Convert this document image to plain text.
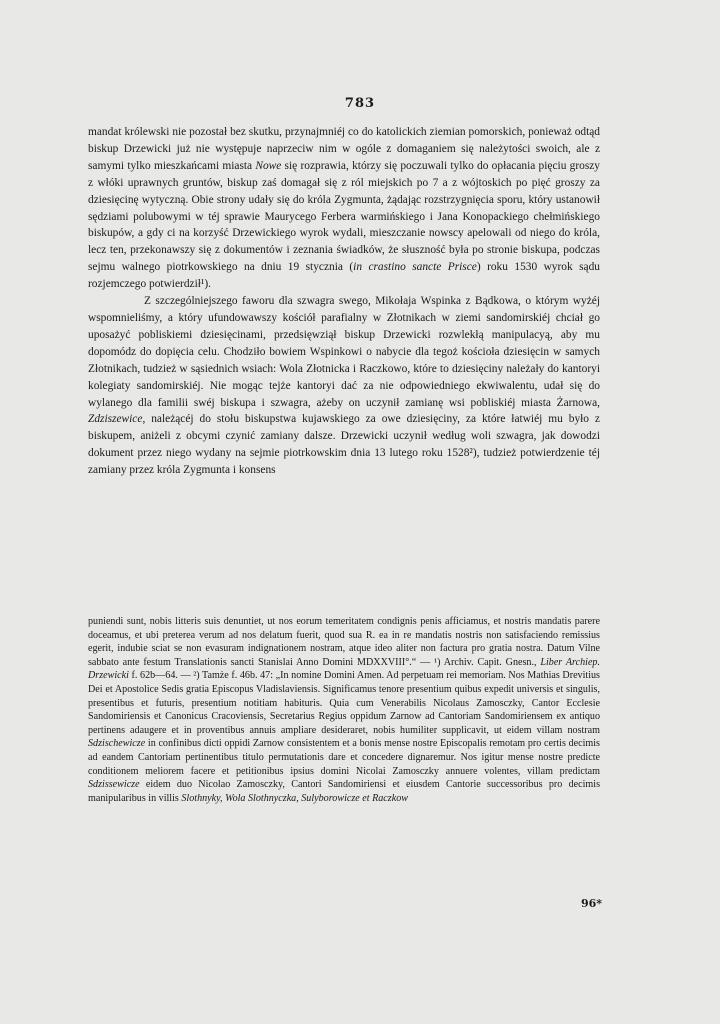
783

mandat królewski nie pozostał bez skutku, przynajmniéj co do katolickich ziemian pomorskich, ponieważ odtąd biskup Drzewicki już nie występuje naprzeciw nim w ogóle z domaganiem się należytości swoich, ale z samymi tylko mieszkańcami miasta Nowe się rozprawia, którzy się poczuwali tylko do opłacania pięciu groszy z włóki uprawnych gruntów, biskup zaś domagał się z ról miejskich po 7 a z wójtoskich po pięć groszy za dziesięcinę wytyczną. Obie strony udały się do króla Zygmunta, żądając rozstrzygnięcia sporu, który ustanowił sędziami polubowymi w téj sprawie Maurycego Ferbera warmińskiego i Jana Konopackiego chełmińskiego biskupów, a gdy ci na korzyść Drzewickiego wyrok wydali, mieszczanie nowscy apelowali od niego do króla, lecz ten, przekonawszy się z dokumentów i zeznania świadków, że słuszność była po stronie biskupa, podczas sejmu walnego piotrkowskiego na dniu 19 stycznia (in crastino sancte Prisce) roku 1530 wyrok sądu rozjemczego potwierdził¹).

Z szczególniejszego faworu dla szwagra swego, Mikołaja Wspinka z Bądkowa, o którym wyżéj wspomnieliśmy, a który ufundowawszy kościół parafialny w Złotnikach w ziemi sandomirskiéj chciał go uposażyć pobliskiemi dziesięcinami, przedsięwziął biskup Drzewicki rozwlekłą manipulacyą, aby mu dopomódz do dopięcia celu. Chodziło bowiem Wspinkowi o nabycie dla tegoż kościoła dziesięcin w samych Złotnikach, tudzież w sąsiednich wsiach: Wola Złotnicka i Raczkowo, które to dziesięciny należały do kantoryi kolegiaty sandomirskiéj. Nie mogąc tejże kantoryi dać za nie odpowiedniego ekwiwalentu, udał się do wylanego dla familii swéj biskupa i szwagra, ażeby on uczynił zamianę wsi pobliskiéj miasta Żarnowa, Zdziszewice, należącéj do stołu biskupstwa kujawskiego za owe dziesięciny, za które łatwiéj mu było z biskupem, aniżeli z obcymi czynić zamiany dalsze. Drzewicki uczynił według woli szwagra, jak dowodzi dokument przez niego wydany na sejmie piotrkowskim dnia 13 lutego roku 1528²), tudzież potwierdzenie téj zamiany przez króla Zygmunta i konsens

puniendi sunt, nobis litteris suis denuntiet, ut nos eorum temeritatem condignis penis afficiamus, et nostris mandatis parere doceamus, et ubi preterea verum ad nos delatum fuerit, quod sua R. ea in re mandatis nostris non satisfaciendo remissius egerit, indubie sciat se non evasuram indignationem nostram, atque ideo aliter non factura pro gratia nostra. Datum Vilne sabbato ante festum Translationis sancti Stanislai Anno Domini MDXXVIII°.“ — ¹) Archiv. Capit. Gnesn., Liber Archiep. Drzewicki f. 62b—64. — ²) Tamże f. 46b. 47: „In nomine Domini Amen. Ad perpetuam rei memoriam. Nos Mathias Drevitius Dei et Apostolice Sedis gratia Episcopus Vladislaviensis. Significamus tenore presentium quibus expedit universis et singulis, presentibus et futuris, presentium notitiam habituris. Quia cum Venerabilis Nicolaus Zamosczky, Cantor Ecclesie Sandomiriensis et Canonicus Cracoviensis, Secretarius Regius oppidum Zarnow ad Cantoriam Sandomiriensem ex antiquo pertinens adaugere et in proventibus annuis ampliare desideraret, nobis humiliter supplicavit, ut eidem villam nostram Sdzischewicze in confinibus dicti oppidi Zarnow consistentem et a bonis mense nostre Episcopalis remotam pro certis decimis ad eandem Cantoriam pertinentibus titulo permutationis dare et concedere dignaremur. Nos igitur mense nostre predicte conditionem meliorem facere et petitionibus ipsius domini Nicolai Zamosczky annuere volentes, villam predictam Sdzissewicze eidem duo Nicolao Zamosczky, Cantori Sandomiriensi et eiusdem Cantorie successoribus pro decimis manipularibus in villis Slothnyky, Wola Slothnyczka, Sulyborowicze et Raczkow

96*
